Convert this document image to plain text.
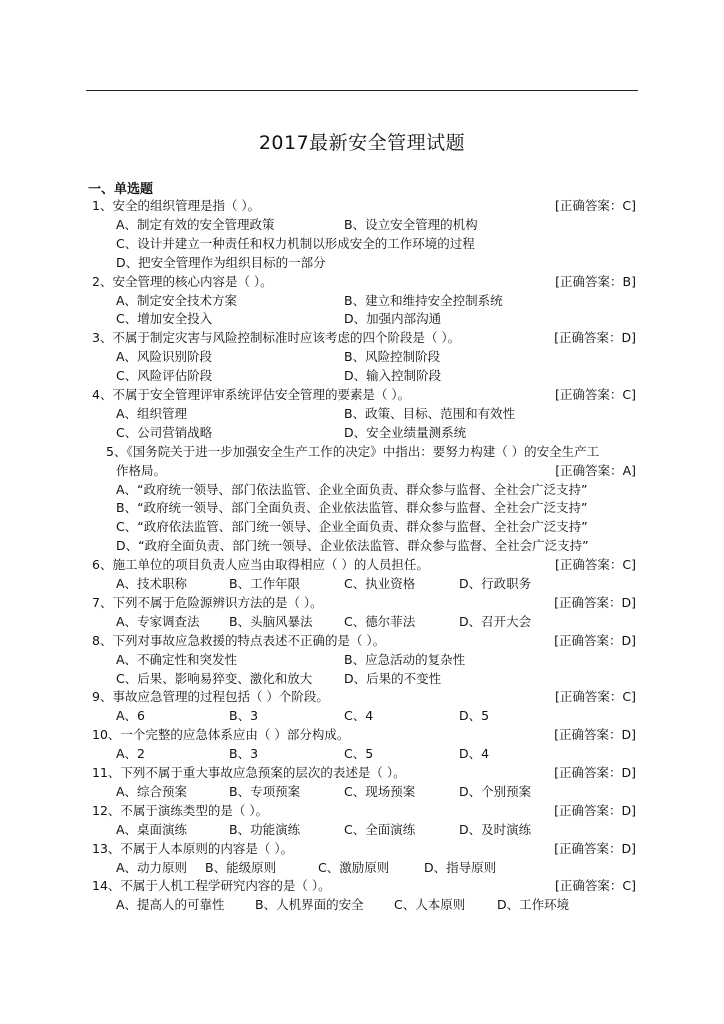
2017最新安全管理试题
一、单选题
1、安全的组织管理是指（ ）。	[正确答案：C]
A、制定有效的安全管理政策	B、设立安全管理的机构
C、设计并建立一种责任和权力机制以形成安全的工作环境的过程
D、把安全管理作为组织目标的一部分
2、安全管理的核心内容是（ ）。	[正确答案：B]
A、制定安全技术方案	B、建立和维持安全控制系统
C、增加安全投入	D、加强内部沟通
3、不属于制定灾害与风险控制标准时应该考虑的四个阶段是（ ）。	[正确答案：D]
A、风险识别阶段	B、风险控制阶段
C、风险评估阶段	D、输入控制阶段
4、不属于安全管理评审系统评估安全管理的要素是（ ）。	[正确答案：C]
A、组织管理	B、政策、目标、范围和有效性
C、公司营销战略	D、安全业绩量测系统
5、《国务院关于进一步加强安全生产工作的决定》中指出：要努力构建（ ）的安全生产工
作格局。	[正确答案：A]
A、“政府统一领导、部门依法监管、企业全面负责、群众参与监督、全社会广泛支持”
B、“政府统一领导、部门全面负责、企业依法监管、群众参与监督、全社会广泛支持”
C、“政府依法监管、部门统一领导、企业全面负责、群众参与监督、全社会广泛支持”
D、“政府全面负责、部门统一领导、企业依法监管、群众参与监督、全社会广泛支持”
6、施工单位的项目负责人应当由取得相应（ ）的人员担任。	[正确答案：C]
A、技术职称	B、工作年限	C、执业资格	D、行政职务
7、下列不属于危险源辨识方法的是（ ）。	[正确答案：D]
A、专家调查法 B、头脑风暴法	C、德尔菲法	D、召开大会
8、下列对事故应急救援的特点表述不正确的是（ ）。	[正确答案：D]
A、不确定性和突发性	B、应急活动的复杂性
C、后果、影响易猝变、激化和放大	D、后果的不变性
9、事故应急管理的过程包括（ ）个阶段。	[正确答案：C]
A、6	B、3	C、4	D、5
10、一个完整的应急体系应由（ ）部分构成。	[正确答案：D]
A、2	B、3	C、5	D、4
11、下列不属于重大事故应急预案的层次的表述是（ ）。	[正确答案：D]
A、综合预案	B、专项预案	C、现场预案	D、个别预案
12、不属于演练类型的是（ ）。	[正确答案：D]
A、桌面演练	B、功能演练	C、全面演练	D、及时演练
13、不属于人本原则的内容是（ ）。	[正确答案：D]
A、动力原则 B、能级原则	C、激励原则	D、指导原则
14、不属于人机工程学研究内容的是（ ）。	[正确答案：C]
A、提高人的可靠性 B、人机界面的安全 C、人本原则	D、工作环境
